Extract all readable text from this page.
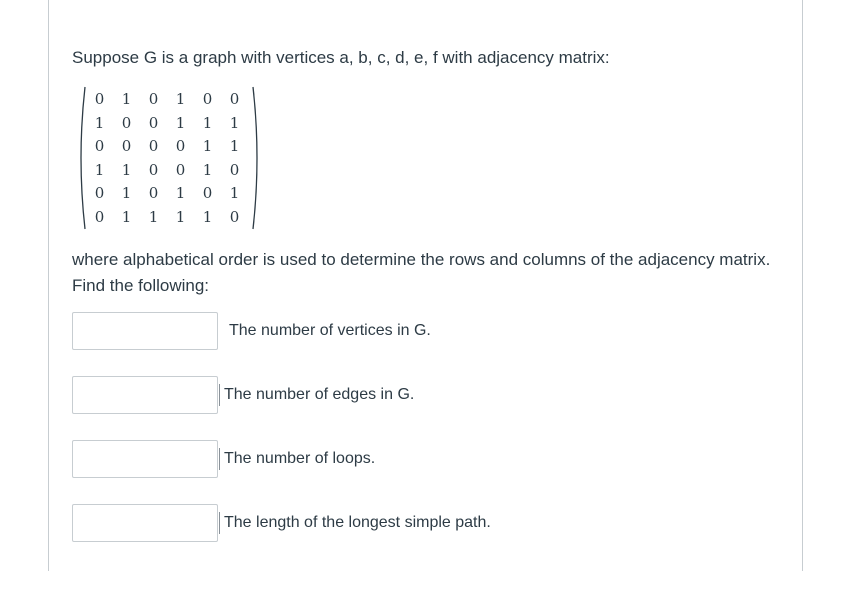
Suppose G is a graph with vertices a, b, c, d, e, f with adjacency matrix:
0	1	0	1	0	0
1	0	0	1	1	1
0	0	0	0	1	1
1	1	0	0	1	0
0	1	0	1	0	1
0	1	1	1	1	0
where alphabetical order is used to determine the rows and columns of the adjacency matrix.
Find the following:
The number of vertices in G.
The number of edges in G.
The number of loops.
The length of the longest simple path.
